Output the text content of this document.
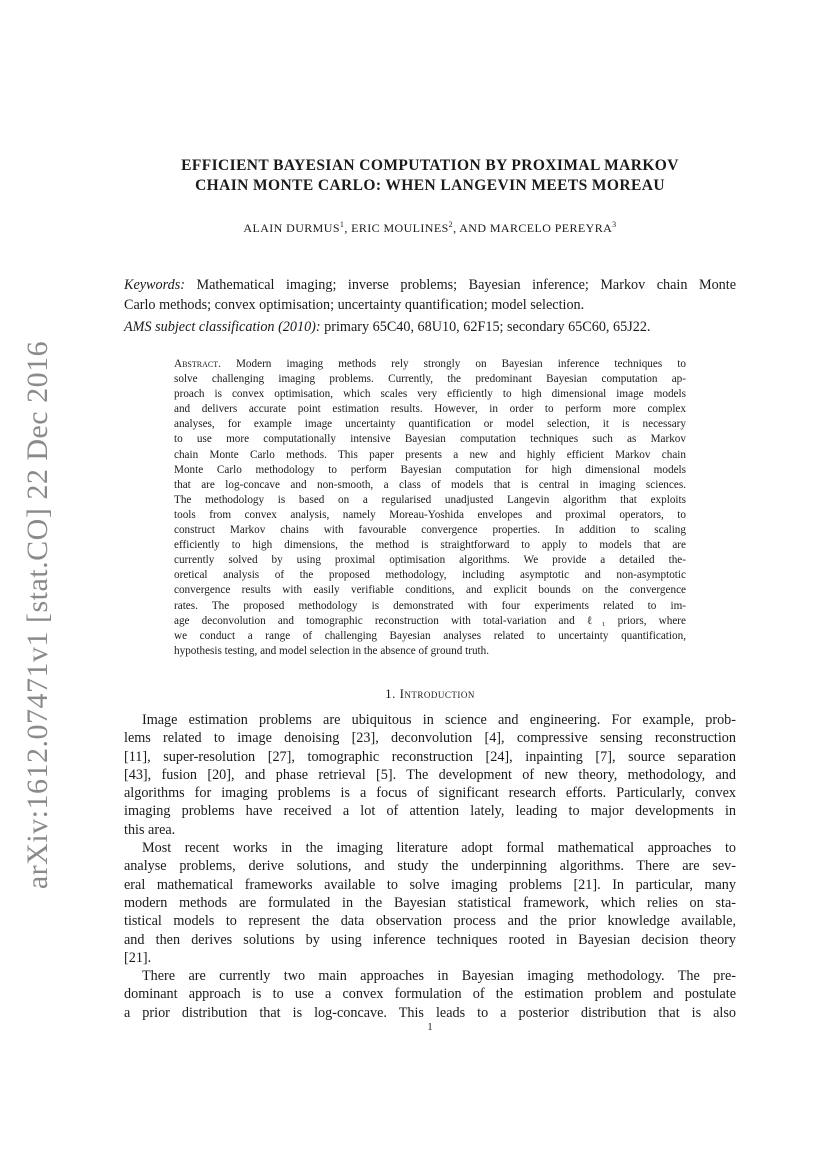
arXiv:1612.07471v1 [stat.CO] 22 Dec 2016
EFFICIENT BAYESIAN COMPUTATION BY PROXIMAL MARKOV
CHAIN MONTE CARLO: WHEN LANGEVIN MEETS MOREAU
ALAIN DURMUS$^1$, ERIC MOULINES$^2$, AND MARCELO PEREYRA$^3$
Keywords: Mathematical imaging; inverse problems; Bayesian inference; Markov chain Monte
Carlo methods; convex optimisation; uncertainty quantification; model selection.
AMS subject classification (2010): primary 65C40, 68U10, 62F15; secondary 65C60, 65J22.
Abstract. Modern imaging methods rely strongly on Bayesian inference techniques to
solve challenging imaging problems. Currently, the predominant Bayesian computation ap-
proach is convex optimisation, which scales very efficiently to high dimensional image models
and delivers accurate point estimation results. However, in order to perform more complex
analyses, for example image uncertainty quantification or model selection, it is necessary
to use more computationally intensive Bayesian computation techniques such as Markov
chain Monte Carlo methods. This paper presents a new and highly efficient Markov chain
Monte Carlo methodology to perform Bayesian computation for high dimensional models
that are log-concave and non-smooth, a class of models that is central in imaging sciences.
The methodology is based on a regularised unadjusted Langevin algorithm that exploits
tools from convex analysis, namely Moreau-Yoshida envelopes and proximal operators, to
construct Markov chains with favourable convergence properties. In addition to scaling
efficiently to high dimensions, the method is straightforward to apply to models that are
currently solved by using proximal optimisation algorithms. We provide a detailed the-
oretical analysis of the proposed methodology, including asymptotic and non-asymptotic
convergence results with easily verifiable conditions, and explicit bounds on the convergence
rates. The proposed methodology is demonstrated with four experiments related to im-
age deconvolution and tomographic reconstruction with total-variation and ℓ₁ priors, where
we conduct a range of challenging Bayesian analyses related to uncertainty quantification,
hypothesis testing, and model selection in the absence of ground truth.
1. Introduction
Image estimation problems are ubiquitous in science and engineering. For example, prob-
lems related to image denoising [23], deconvolution [4], compressive sensing reconstruction
[11], super-resolution [27], tomographic reconstruction [24], inpainting [7], source separation
[43], fusion [20], and phase retrieval [5]. The development of new theory, methodology, and
algorithms for imaging problems is a focus of significant research efforts. Particularly, convex
imaging problems have received a lot of attention lately, leading to major developments in
this area.
Most recent works in the imaging literature adopt formal mathematical approaches to
analyse problems, derive solutions, and study the underpinning algorithms. There are sev-
eral mathematical frameworks available to solve imaging problems [21]. In particular, many
modern methods are formulated in the Bayesian statistical framework, which relies on sta-
tistical models to represent the data observation process and the prior knowledge available,
and then derives solutions by using inference techniques rooted in Bayesian decision theory
[21].
There are currently two main approaches in Bayesian imaging methodology. The pre-
dominant approach is to use a convex formulation of the estimation problem and postulate
a prior distribution that is log-concave. This leads to a posterior distribution that is also
1
